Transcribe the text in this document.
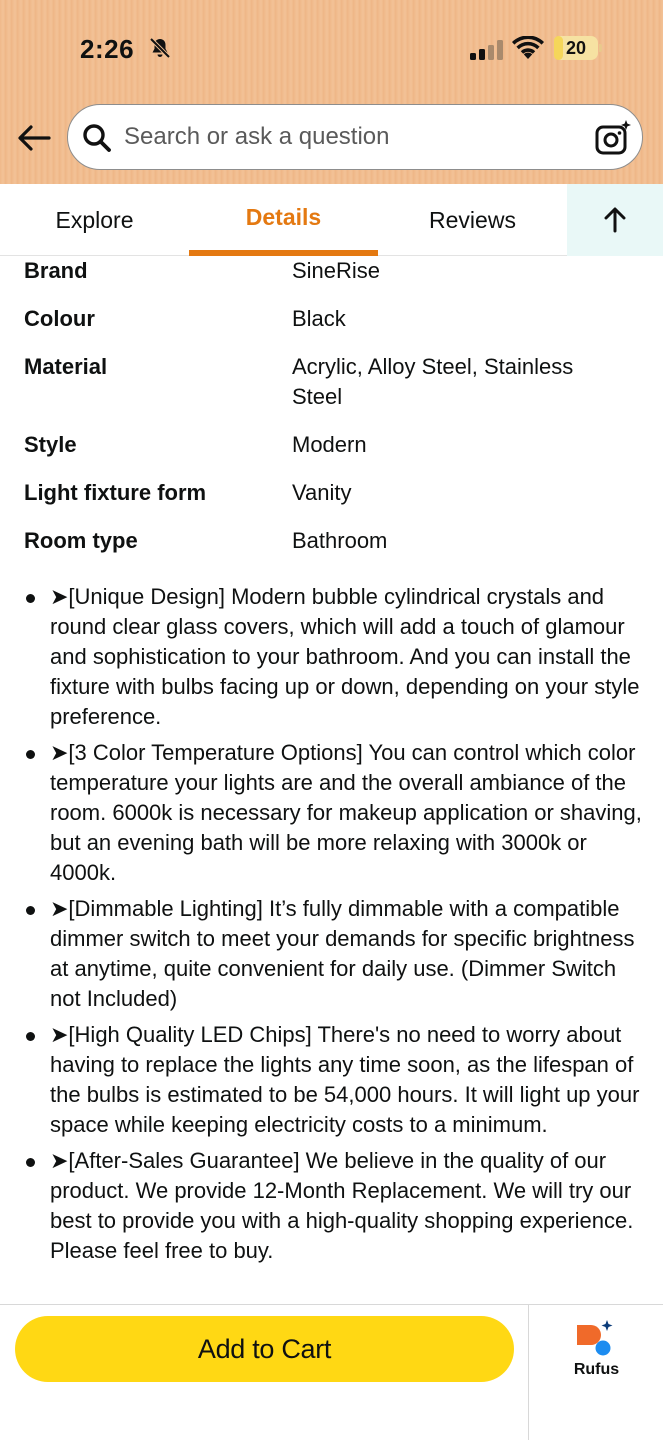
2:26	20
Search or ask a question
Explore	Details	Reviews
Brand	SineRise
Colour	Black
Material	Acrylic, Alloy Steel, Stainless Steel
Style	Modern
Light fixture form	Vanity
Room type	Bathroom
➤[Unique Design] Modern bubble cylindrical crystals and round clear glass covers, which will add a touch of glamour and sophistication to your bathroom. And you can install the fixture with bulbs facing up or down, depending on your style preference.
➤[3 Color Temperature Options] You can control which color temperature your lights are and the overall ambiance of the room. 6000k is necessary for makeup application or shaving, but an evening bath will be more relaxing with 3000k or 4000k.
➤[Dimmable Lighting] It’s fully dimmable with a compatible dimmer switch to meet your demands for specific brightness at anytime, quite convenient for daily use. (Dimmer Switch not Included)
➤[High Quality LED Chips] There's no need to worry about having to replace the lights any time soon, as the lifespan of the bulbs is estimated to be 54,000 hours. It will light up your space while keeping electricity costs to a minimum.
➤[After-Sales Guarantee] We believe in the quality of our product. We provide 12-Month Replacement. We will try our best to provide you with a high-quality shopping experience. Please feel free to buy.
Add to Cart
Rufus
